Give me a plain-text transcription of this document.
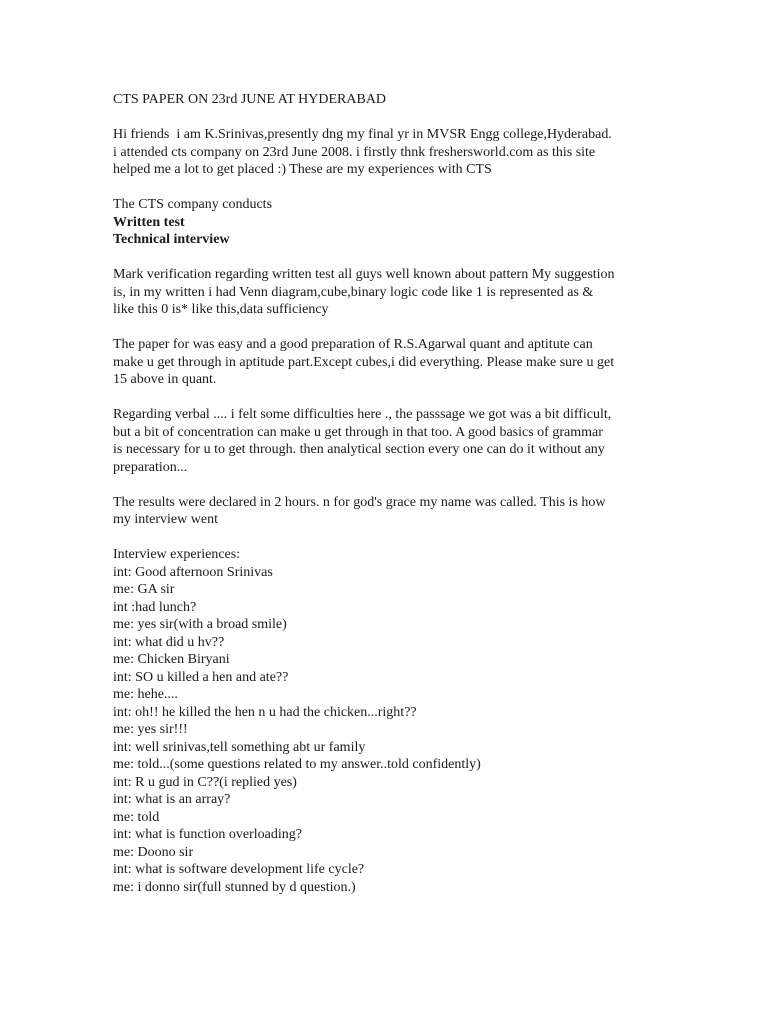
CTS PAPER ON 23rd JUNE AT HYDERABAD
Hi friends  i am K.Srinivas,presently dng my final yr in MVSR Engg college,Hyderabad.
i attended cts company on 23rd June 2008. i firstly thnk freshersworld.com as this site
helped me a lot to get placed :) These are my experiences with CTS
The CTS company conducts
Written test
Technical interview
Mark verification regarding written test all guys well known about pattern My suggestion
is, in my written i had Venn diagram,cube,binary logic code like 1 is represented as &
like this 0 is* like this,data sufficiency
The paper for was easy and a good preparation of R.S.Agarwal quant and aptitute can
make u get through in aptitude part.Except cubes,i did everything. Please make sure u get
15 above in quant.
Regarding verbal .... i felt some difficulties here ., the passsage we got was a bit difficult,
but a bit of concentration can make u get through in that too. A good basics of grammar
is necessary for u to get through. then analytical section every one can do it without any
preparation...
The results were declared in 2 hours. n for god's grace my name was called. This is how
my interview went
Interview experiences:
int: Good afternoon Srinivas
me: GA sir
int :had lunch?
me: yes sir(with a broad smile)
int: what did u hv??
me: Chicken Biryani
int: SO u killed a hen and ate??
me: hehe....
int: oh!! he killed the hen n u had the chicken...right??
me: yes sir!!!
int: well srinivas,tell something abt ur family
me: told...(some questions related to my answer..told confidently)
int: R u gud in C??(i replied yes)
int: what is an array?
me: told
int: what is function overloading?
me: Doono sir
int: what is software development life cycle?
me: i donno sir(full stunned by d question.)
